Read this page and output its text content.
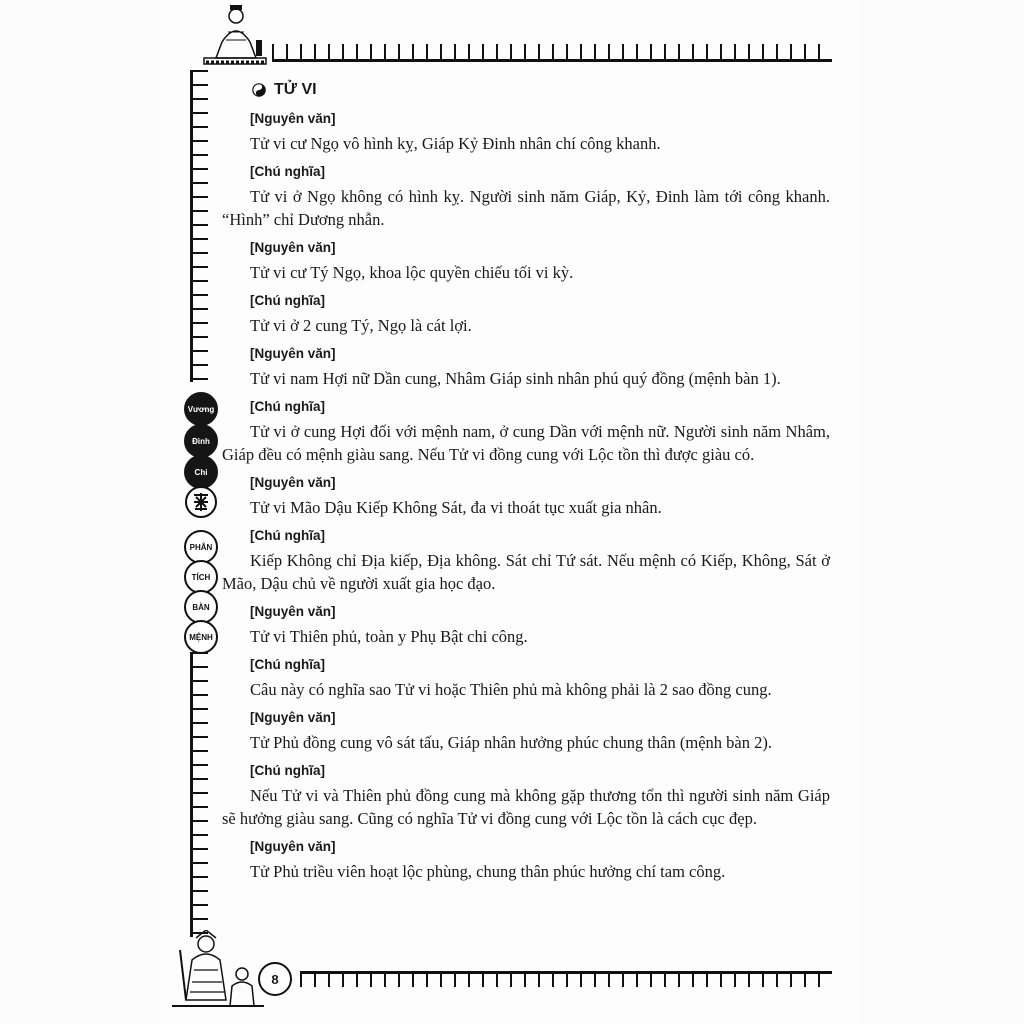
Vương
Đình
Chi
PHÂN
TÍCH
BÀN
MỆNH
8
TỬ VI

[Nguyên văn]

Tử vi cư Ngọ vô hình kỵ, Giáp Kỷ Đinh nhân chí công khanh.

[Chú nghĩa]

Tử vi ở Ngọ không có hình kỵ. Người sinh năm Giáp, Kỷ, Đinh làm tới công khanh. “Hình” chỉ Dương nhẫn.

[Nguyên văn]

Tử vi cư Tý Ngọ, khoa lộc quyền chiếu tối vi kỳ.

[Chú nghĩa]

Tử vi ở 2 cung Tý, Ngọ là cát lợi.

[Nguyên văn]

Tử vi nam Hợi nữ Dần cung, Nhâm Giáp sinh nhân phú quý đồng (mệnh bàn 1).

[Chú nghĩa]

Tử vi ở cung Hợi đối với mệnh nam, ở cung Dần với mệnh nữ. Người sinh năm Nhâm, Giáp đều có mệnh giàu sang. Nếu Tử vi đồng cung với Lộc tồn thì được giàu có.

[Nguyên văn]

Tử vi Mão Dậu Kiếp Không Sát, đa vi thoát tục xuất gia nhân.

[Chú nghĩa]

Kiếp Không chỉ Địa kiếp, Địa không. Sát chỉ Tứ sát. Nếu mệnh có Kiếp, Không, Sát ở Mão, Dậu chủ về người xuất gia học đạo.

[Nguyên văn]

Tử vi Thiên phủ, toàn y Phụ Bật chi công.

[Chú nghĩa]

Câu này có nghĩa sao Tử vi hoặc Thiên phủ mà không phải là 2 sao đồng cung.

[Nguyên văn]

Tử Phủ đồng cung vô sát tấu, Giáp nhân hưởng phúc chung thân (mệnh bàn 2).

[Chú nghĩa]

Nếu Tử vi và Thiên phủ đồng cung mà không gặp thương tổn thì người sinh năm Giáp sẽ hưởng giàu sang. Cũng có nghĩa Tử vi đồng cung với Lộc tồn là cách cục đẹp.

[Nguyên văn]

Tử Phủ triều viên hoạt lộc phùng, chung thân phúc hưởng chí tam công.
